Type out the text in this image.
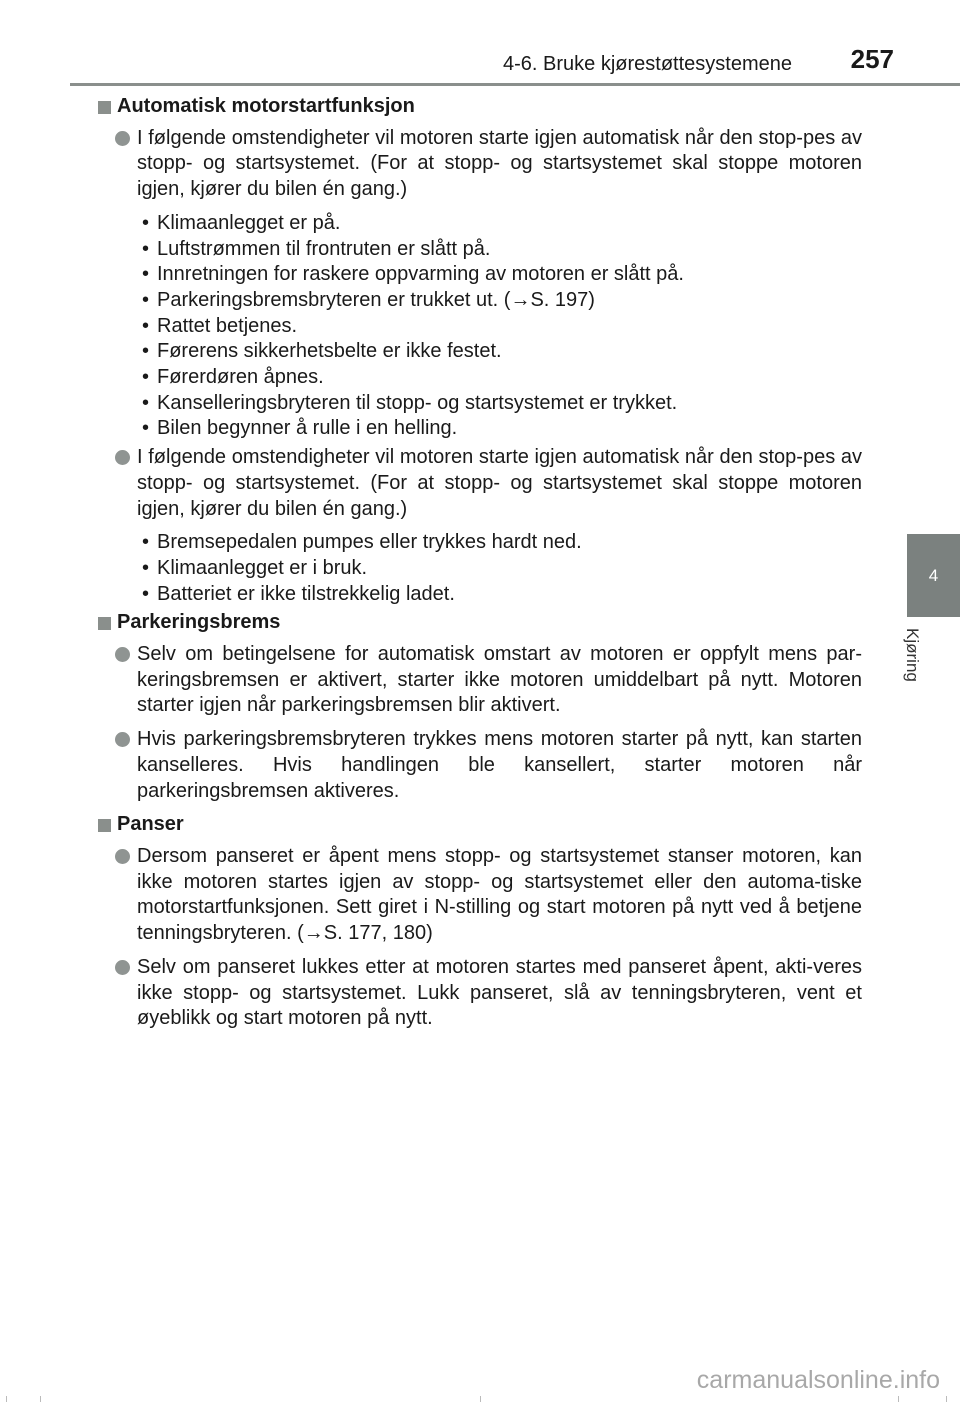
4-6. Bruke kjørestøttesystemene 257
4
Kjøring
Automatisk motorstartfunksjon
I følgende omstendigheter vil motoren starte igjen automatisk når den stop-pes av stopp- og startsystemet. (For at stopp- og startsystemet skal stoppe motoren igjen, kjører du bilen én gang.)
• Klimaanlegget er på.
• Luftstrømmen til frontruten er slått på.
• Innretningen for raskere oppvarming av motoren er slått på.
• Parkeringsbremsbryteren er trukket ut. (→S. 197)
• Rattet betjenes.
• Førerens sikkerhetsbelte er ikke festet.
• Førerdøren åpnes.
• Kanselleringsbryteren til stopp- og startsystemet er trykket.
• Bilen begynner å rulle i en helling.
I følgende omstendigheter vil motoren starte igjen automatisk når den stop-pes av stopp- og startsystemet. (For at stopp- og startsystemet skal stoppe motoren igjen, kjører du bilen én gang.)
• Bremsepedalen pumpes eller trykkes hardt ned.
• Klimaanlegget er i bruk.
• Batteriet er ikke tilstrekkelig ladet.
Parkeringsbrems
Selv om betingelsene for automatisk omstart av motoren er oppfylt mens par-keringsbremsen er aktivert, starter ikke motoren umiddelbart på nytt. Motoren starter igjen når parkeringsbremsen blir aktivert.
Hvis parkeringsbremsbryteren trykkes mens motoren starter på nytt, kan starten kanselleres. Hvis handlingen ble kansellert, starter motoren når parkeringsbremsen aktiveres.
Panser
Dersom panseret er åpent mens stopp- og startsystemet stanser motoren, kan ikke motoren startes igjen av stopp- og startsystemet eller den automa-tiske motorstartfunksjonen. Sett giret i N-stilling og start motoren på nytt ved å betjene tenningsbryteren. (→S. 177, 180)
Selv om panseret lukkes etter at motoren startes med panseret åpent, akti-veres ikke stopp- og startsystemet. Lukk panseret, slå av tenningsbryteren, vent et øyeblikk og start motoren på nytt.
carmanualsonline.info
